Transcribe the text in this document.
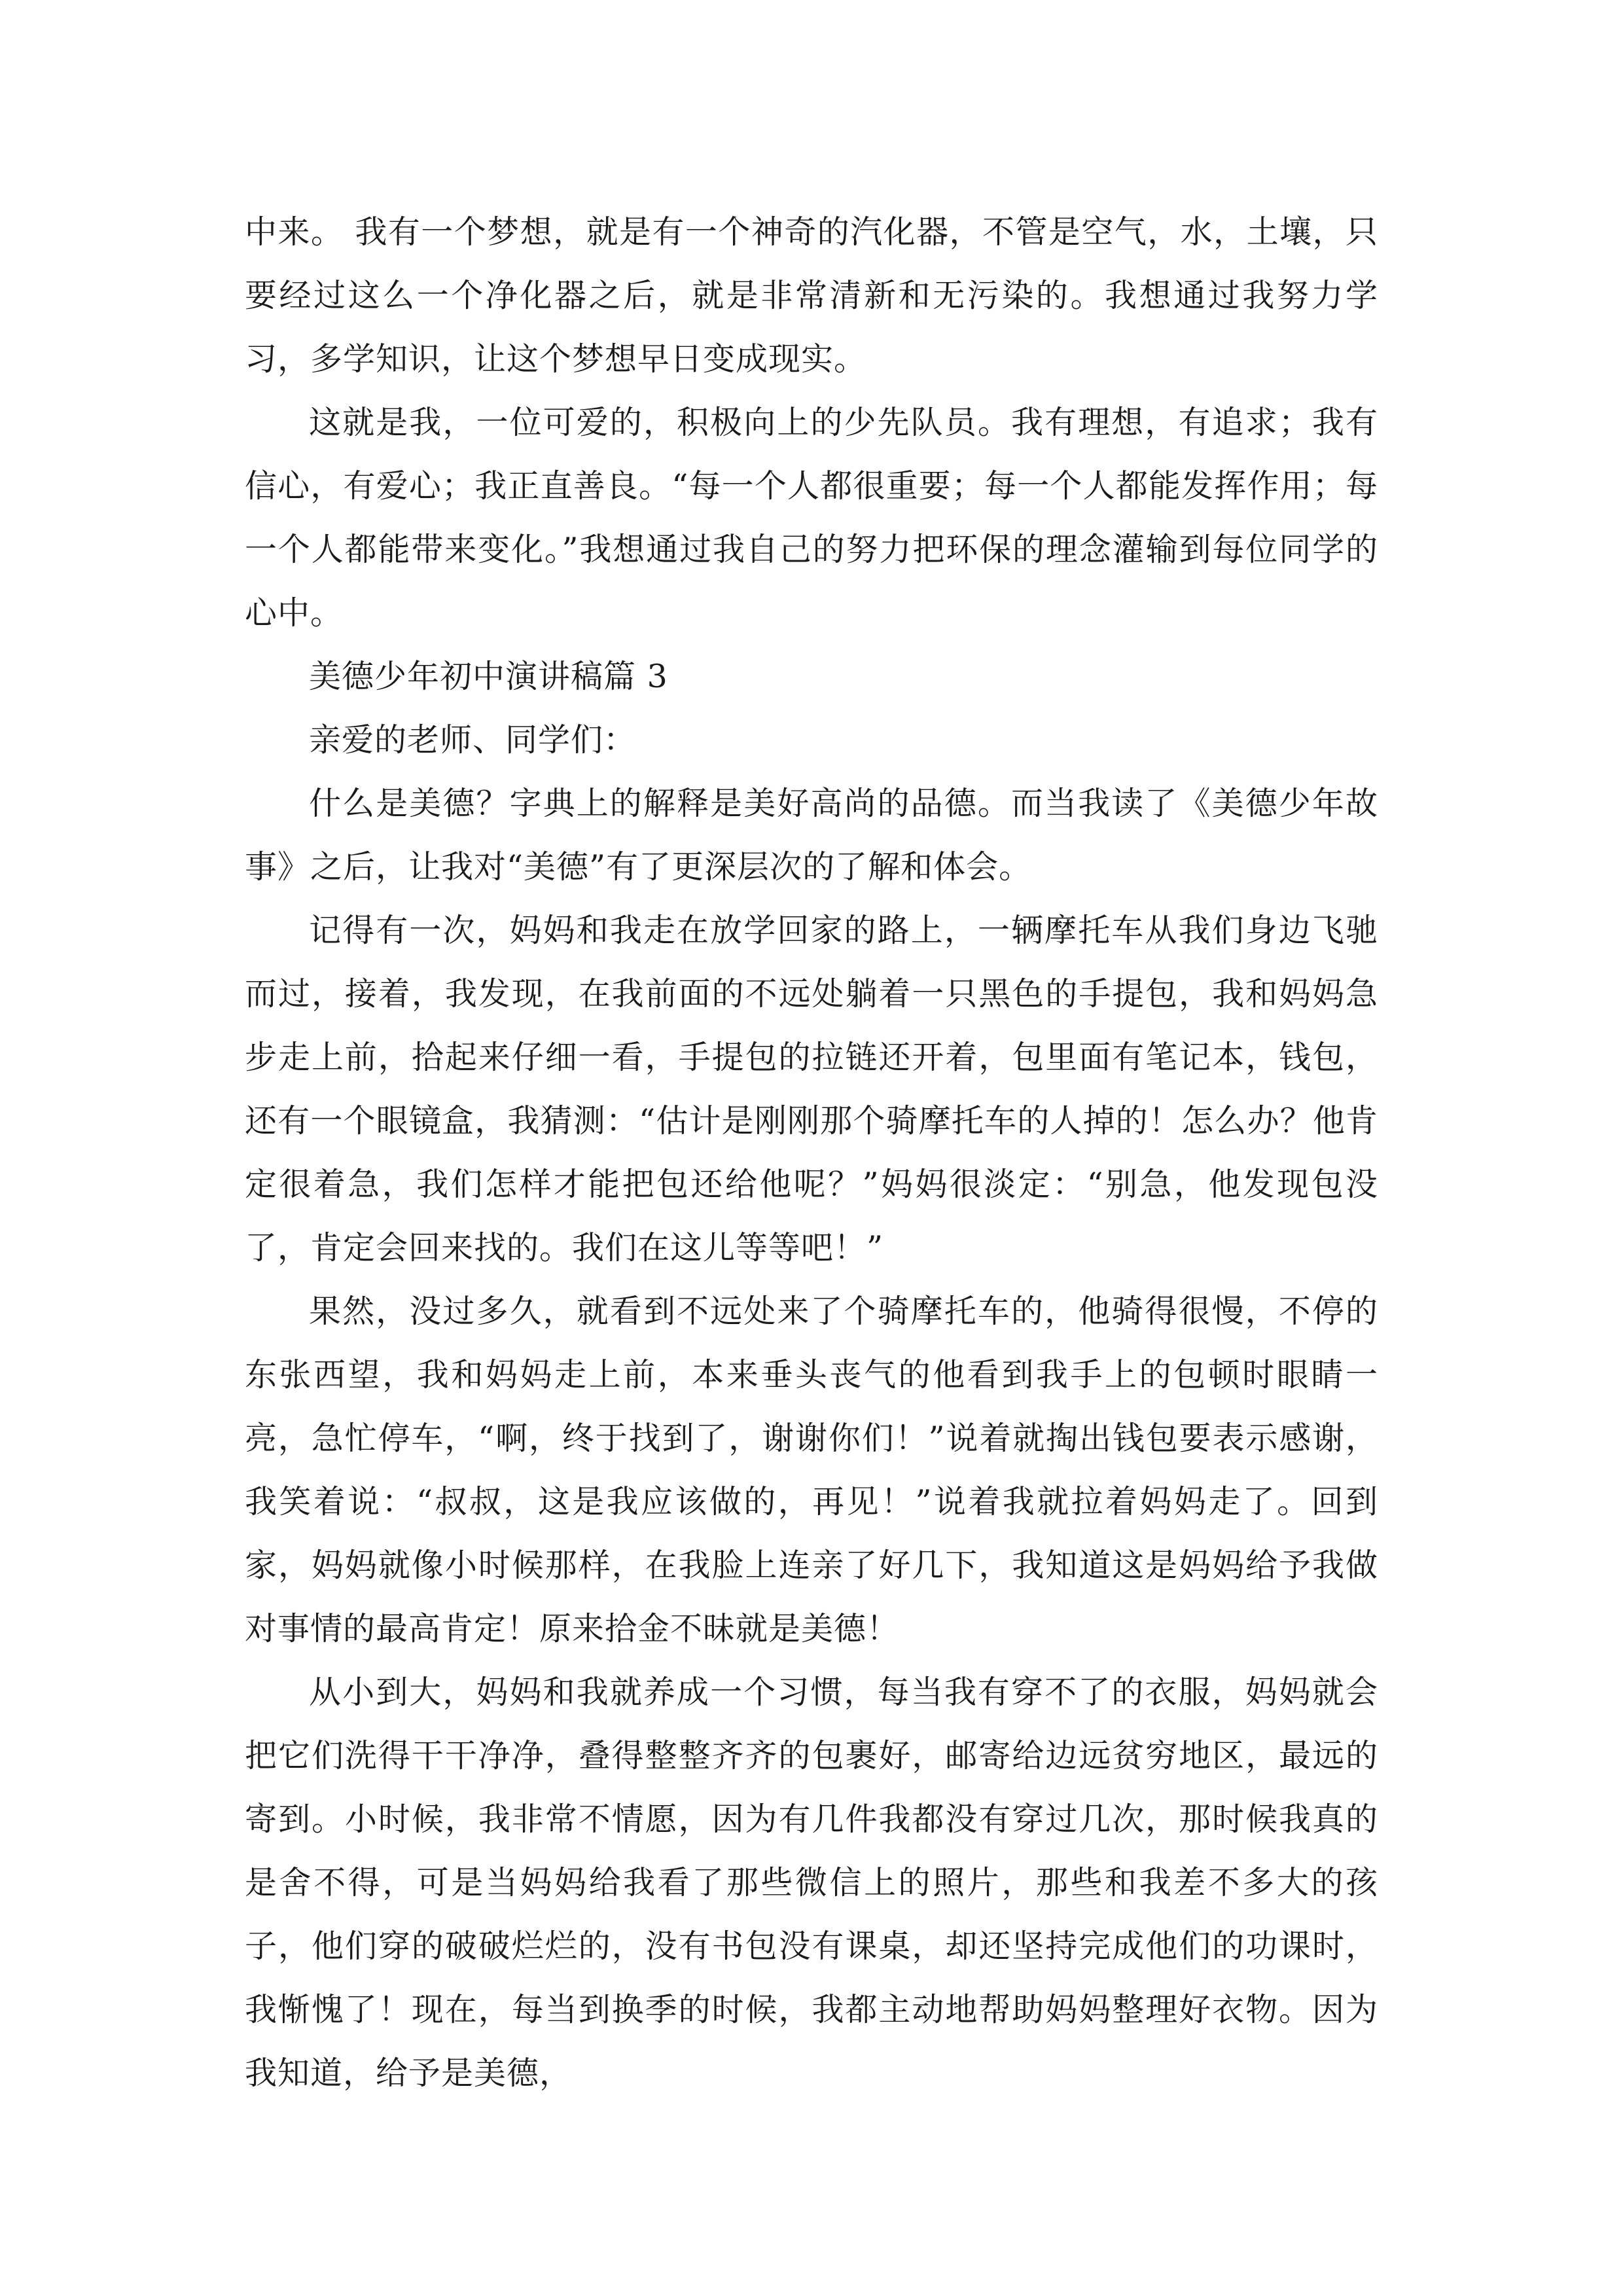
中来。 我有一个梦想，就是有一个神奇的汽化器，不管是空气，水，土壤，只要经过这么一个净化器之后，就是非常清新和无污染的。我想通过我努力学习，多学知识，让这个梦想早日变成现实。

这就是我，一位可爱的，积极向上的少先队员。我有理想，有追求；我有信心，有爱心；我正直善良。“每一个人都很重要；每一个人都能发挥作用；每一个人都能带来变化。”我想通过我自己的努力把环保的理念灌输到每位同学的心中。

美德少年初中演讲稿篇 3

亲爱的老师、同学们：

什么是美德？字典上的解释是美好高尚的品德。而当我读了《美德少年故事》之后，让我对“美德”有了更深层次的了解和体会。

记得有一次，妈妈和我走在放学回家的路上，一辆摩托车从我们身边飞驰而过，接着，我发现，在我前面的不远处躺着一只黑色的手提包，我和妈妈急步走上前，拾起来仔细一看，手提包的拉链还开着，包里面有笔记本，钱包，还有一个眼镜盒，我猜测：“估计是刚刚那个骑摩托车的人掉的！怎么办？他肯定很着急，我们怎样才能把包还给他呢？”妈妈很淡定：“别急，他发现包没了，肯定会回来找的。我们在这儿等等吧！”

果然，没过多久，就看到不远处来了个骑摩托车的，他骑得很慢，不停的东张西望，我和妈妈走上前，本来垂头丧气的他看到我手上的包顿时眼睛一亮，急忙停车，“啊，终于找到了，谢谢你们！”说着就掏出钱包要表示感谢，我笑着说：“叔叔，这是我应该做的，再见！”说着我就拉着妈妈走了。回到家，妈妈就像小时候那样，在我脸上连亲了好几下，我知道这是妈妈给予我做对事情的最高肯定！原来拾金不昧就是美德！

从小到大，妈妈和我就养成一个习惯，每当我有穿不了的衣服，妈妈就会把它们洗得干干净净，叠得整整齐齐的包裹好，邮寄给边远贫穷地区，最远的寄到。小时候，我非常不情愿，因为有几件我都没有穿过几次，那时候我真的是舍不得，可是当妈妈给我看了那些微信上的照片，那些和我差不多大的孩子，他们穿的破破烂烂的，没有书包没有课桌，却还坚持完成他们的功课时，我惭愧了！现在，每当到换季的时候，我都主动地帮助妈妈整理好衣物。因为我知道，给予是美德，
